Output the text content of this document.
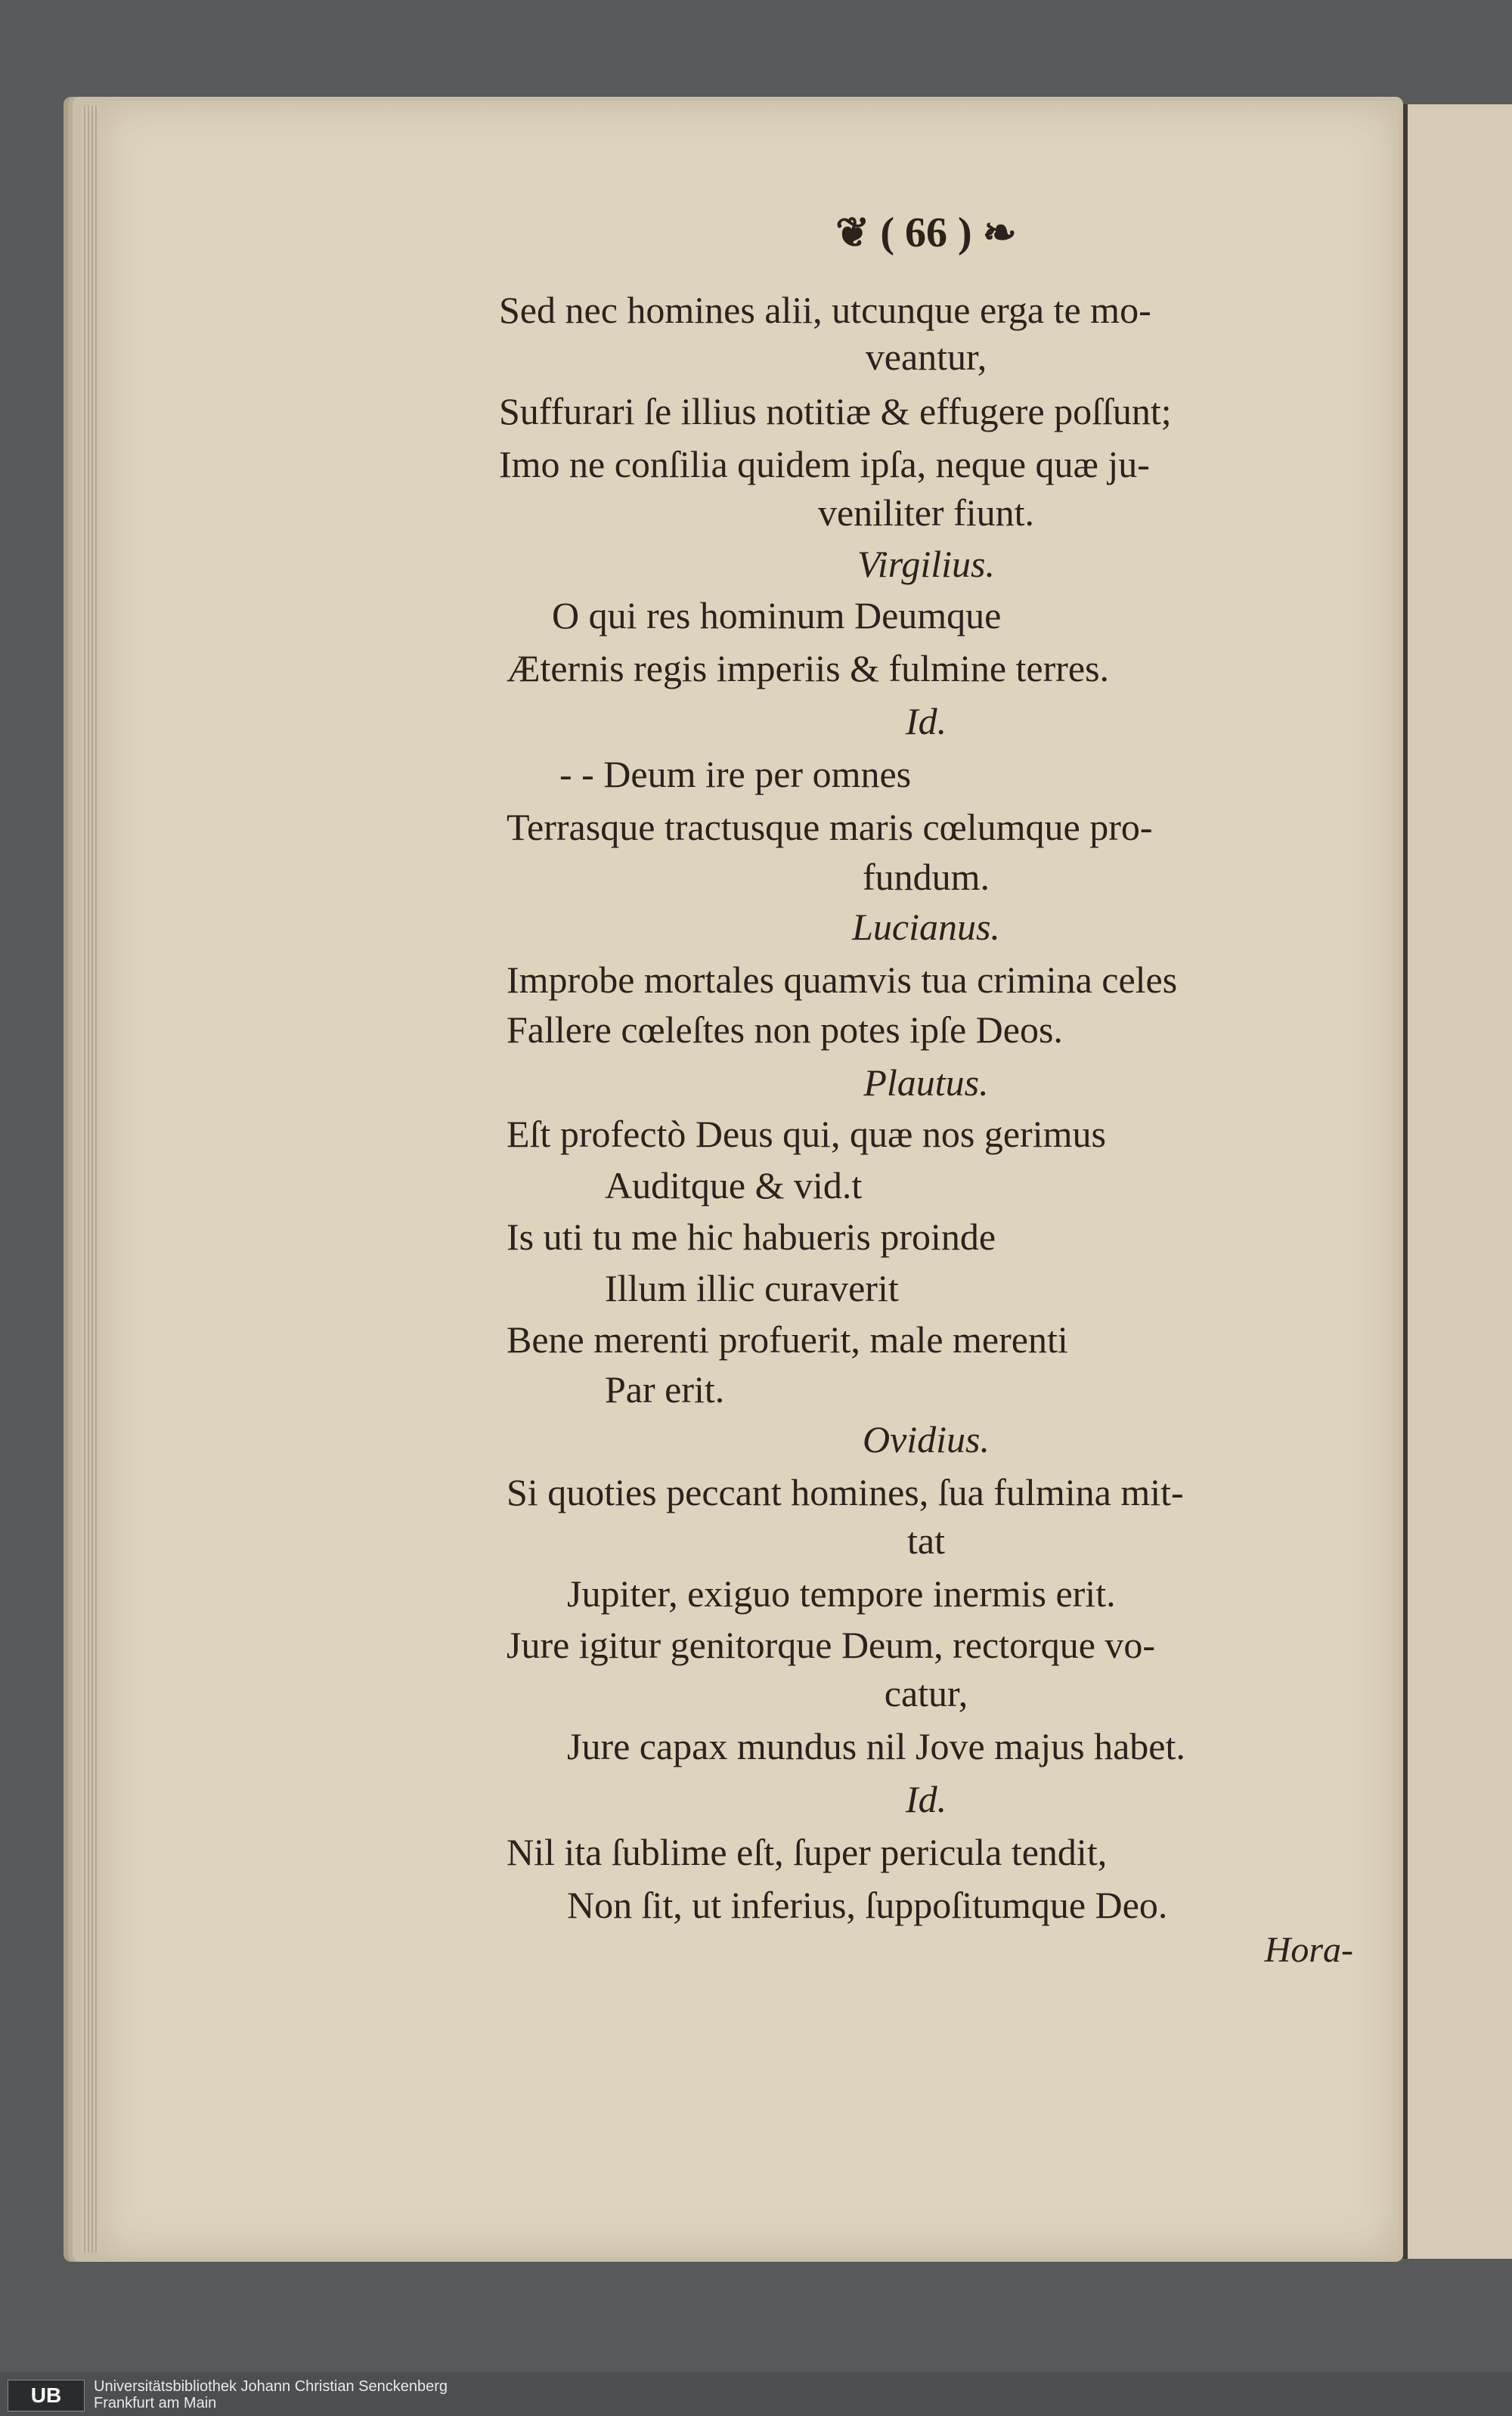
❦ ( 66 ) ❧
Sed nec homines alii, utcunque erga te mo-
veantur,
Suffurari ſe illius notitiæ & effugere poſſunt;
Imo ne conſilia quidem ipſa, neque quæ ju-
veniliter fiunt.
Virgilius.
O qui res hominum Deumque
Æternis regis imperiis & fulmine terres.
Id.
- - Deum ire per omnes
Terrasque tractusque maris cœlumque pro-
fundum.
Lucianus.
Improbe mortales quamvis tua crimina celes
Fallere cœleſtes non potes ipſe Deos.
Plautus.
Eſt profectò Deus qui, quæ nos gerimus
Auditque & vid.t
Is uti tu me hic habueris proinde
Illum illic curaverit
Bene merenti profuerit, male merenti
Par erit.
Ovidius.
Si quoties peccant homines, ſua fulmina mit-
tat
Jupiter, exiguo tempore inermis erit.
Jure igitur genitorque Deum, rectorque vo-
catur,
Jure capax mundus nil Jove majus habet.
Id.
Nil ita ſublime eſt, ſuper pericula tendit,
Non ſit, ut inferius, ſuppoſitumque Deo.
Hora-
UB	Universitätsbibliothek Johann Christian Senckenberg
Frankfurt am Main
